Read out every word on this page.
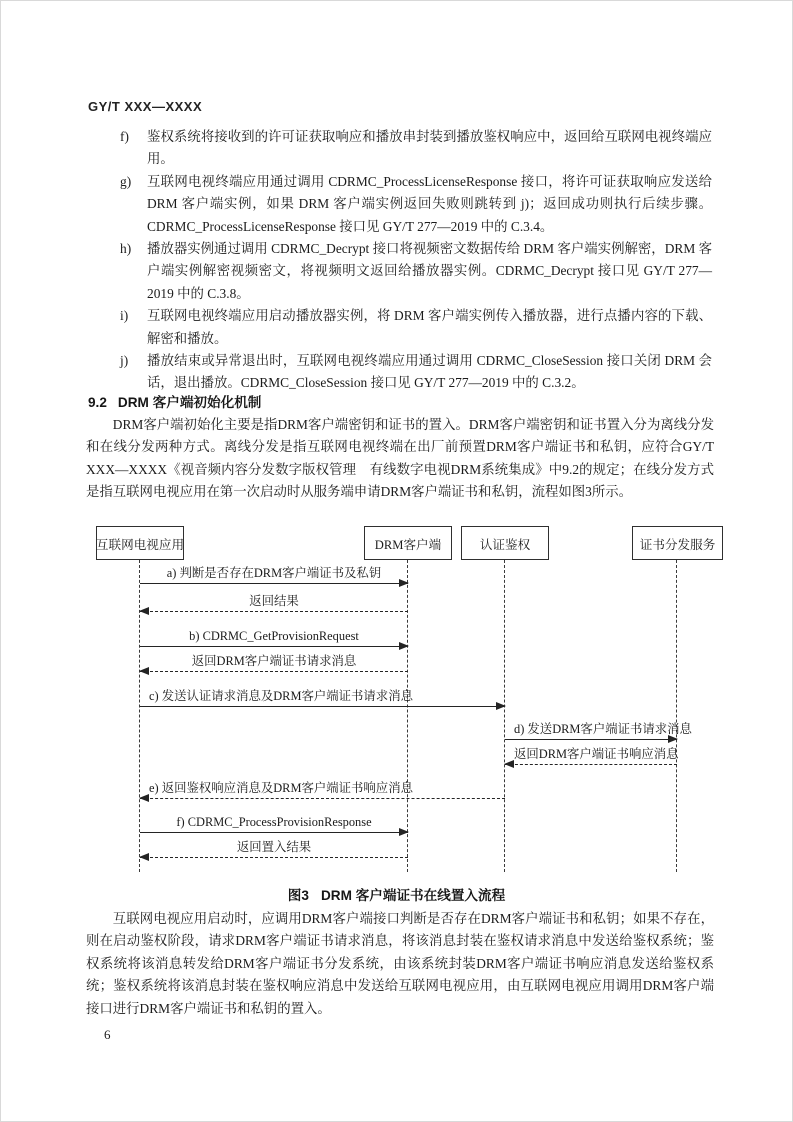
GY/T XXX—XXXX
f)	鉴权系统将接收到的许可证获取响应和播放串封装到播放鉴权响应中，返回给互联网电视终端应用。
g)	互联网电视终端应用通过调用 CDRMC_ProcessLicenseResponse 接口，将许可证获取响应发送给 DRM 客户端实例，如果 DRM 客户端实例返回失败则跳转到 j)；返回成功则执行后续步骤。CDRMC_ProcessLicenseResponse 接口见 GY/T 277—2019 中的 C.3.4。
h)	播放器实例通过调用 CDRMC_Decrypt 接口将视频密文数据传给 DRM 客户端实例解密，DRM 客户端实例解密视频密文，将视频明文返回给播放器实例。CDRMC_Decrypt 接口见 GY/T 277—2019 中的 C.3.8。
i)	互联网电视终端应用启动播放器实例，将 DRM 客户端实例传入播放器，进行点播内容的下载、解密和播放。
j)	播放结束或异常退出时，互联网电视终端应用通过调用 CDRMC_CloseSession 接口关闭 DRM 会话，退出播放。CDRMC_CloseSession 接口见 GY/T 277—2019 中的 C.3.2。
9.2 DRM 客户端初始化机制

DRM客户端初始化主要是指DRM客户端密钥和证书的置入。DRM客户端密钥和证书置入分为离线分发和在线分发两种方式。离线分发是指互联网电视终端在出厂前预置DRM客户端证书和私钥，应符合GY/T XXX—XXXX《视音频内容分发数字版权管理　有线数字电视DRM系统集成》中9.2的规定；在线分发方式是指互联网电视应用在第一次启动时从服务端申请DRM客户端证书和私钥，流程如图3所示。

互联网电视应用	DRM客户端	认证鉴权	证书分发服务
a) 判断是否存在DRM客户端证书及私钥
返回结果
b) CDRMC_GetProvisionRequest
返回DRM客户端证书请求消息
c) 发送认证请求消息及DRM客户端证书请求消息
d) 发送DRM客户端证书请求消息
返回DRM客户端证书响应消息
e) 返回鉴权响应消息及DRM客户端证书响应消息
f) CDRMC_ProcessProvisionResponse
返回置入结果
图3 DRM 客户端证书在线置入流程

互联网电视应用启动时，应调用DRM客户端接口判断是否存在DRM客户端证书和私钥；如果不存在，则在启动鉴权阶段，请求DRM客户端证书请求消息，将该消息封装在鉴权请求消息中发送给鉴权系统；鉴权系统将该消息转发给DRM客户端证书分发系统，由该系统封装DRM客户端证书响应消息发送给鉴权系统；鉴权系统将该消息封装在鉴权响应消息中发送给互联网电视应用，由互联网电视应用调用DRM客户端接口进行DRM客户端证书和私钥的置入。

6
